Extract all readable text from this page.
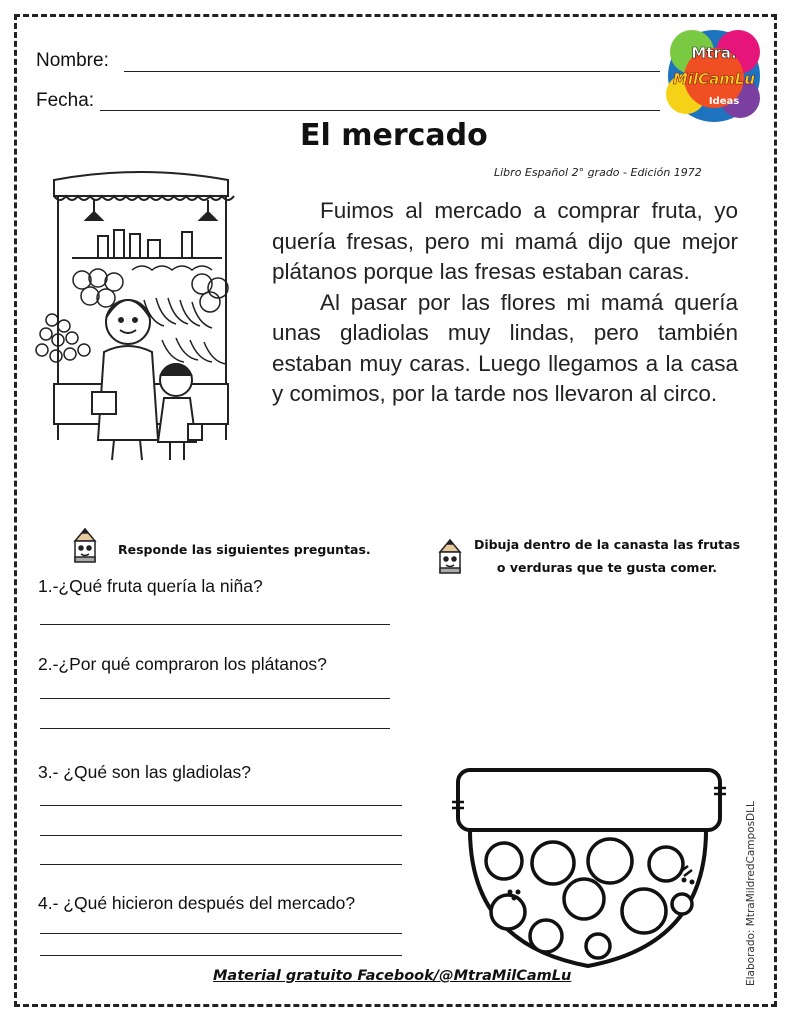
Nombre:
Fecha:
Mtra.
MilCamLu
Ideas
El mercado
Libro Español 2° grado - Edición 1972

Fuimos al mercado a comprar fruta, yo quería fresas, pero mi mamá dijo que mejor plátanos porque las fresas estaban caras.

Al pasar por las flores mi mamá quería unas gladiolas muy lindas, pero también estaban muy caras. Luego llegamos a la casa y comimos, por la tarde nos llevaron al circo.

Responde las siguientes preguntas.	Dibuja dentro de la canasta las frutas
o verduras que te gusta comer.
1.-¿Qué fruta quería la niña?
2.-¿Por qué compraron los plátanos?
3.- ¿Qué son las gladiolas?
4.- ¿Qué hicieron después del mercado?	Elaborado: MtraMildredCamposDLL
Material gratuito Facebook/@MtraMilCamLu
